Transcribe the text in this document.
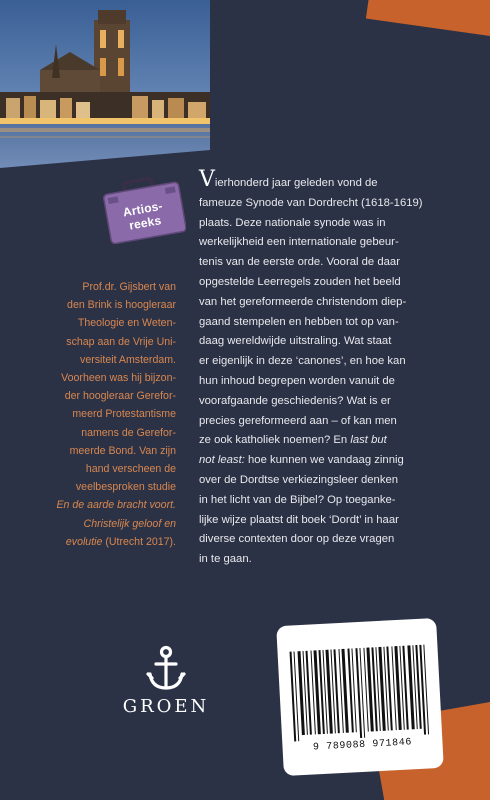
Artios-reeks
Prof.dr. Gijsbert van
den Brink is hoogleraar
Theologie en Weten-
schap aan de Vrije Uni-
versiteit Amsterdam.
Voorheen was hij bijzon-
der hoogleraar Gerefor-
meerd Protestantisme
namens de Gerefor-
meerde Bond. Van zijn
hand verscheen de
veelbesproken studie
En de aarde bracht voort.
Christelijk geloof en
evolutie (Utrecht 2017).
Vierhonderd jaar geleden vond de
fameuze Synode van Dordrecht (1618-1619)
plaats. Deze nationale synode was in
werkelijkheid een internationale gebeur-
tenis van de eerste orde. Vooral de daar
opgestelde Leerregels zouden het beeld
van het gereformeerde christendom diep-
gaand stempelen en hebben tot op van-
daag wereldwijde uitstraling. Wat staat
er eigenlijk in deze ‘canones’, en hoe kan
hun inhoud begrepen worden vanuit de
voorafgaande geschiedenis? Wat is er
precies gereformeerd aan – of kan men
ze ook katholiek noemen? En last but
not least: hoe kunnen we vandaag zinnig
over de Dordtse verkiezingsleer denken
in het licht van de Bijbel? Op toeganke-
lijke wijze plaatst dit boek ‘Dordt’ in haar
diverse contexten door op deze vragen
in te gaan.
GROEN
9 789088 971846
